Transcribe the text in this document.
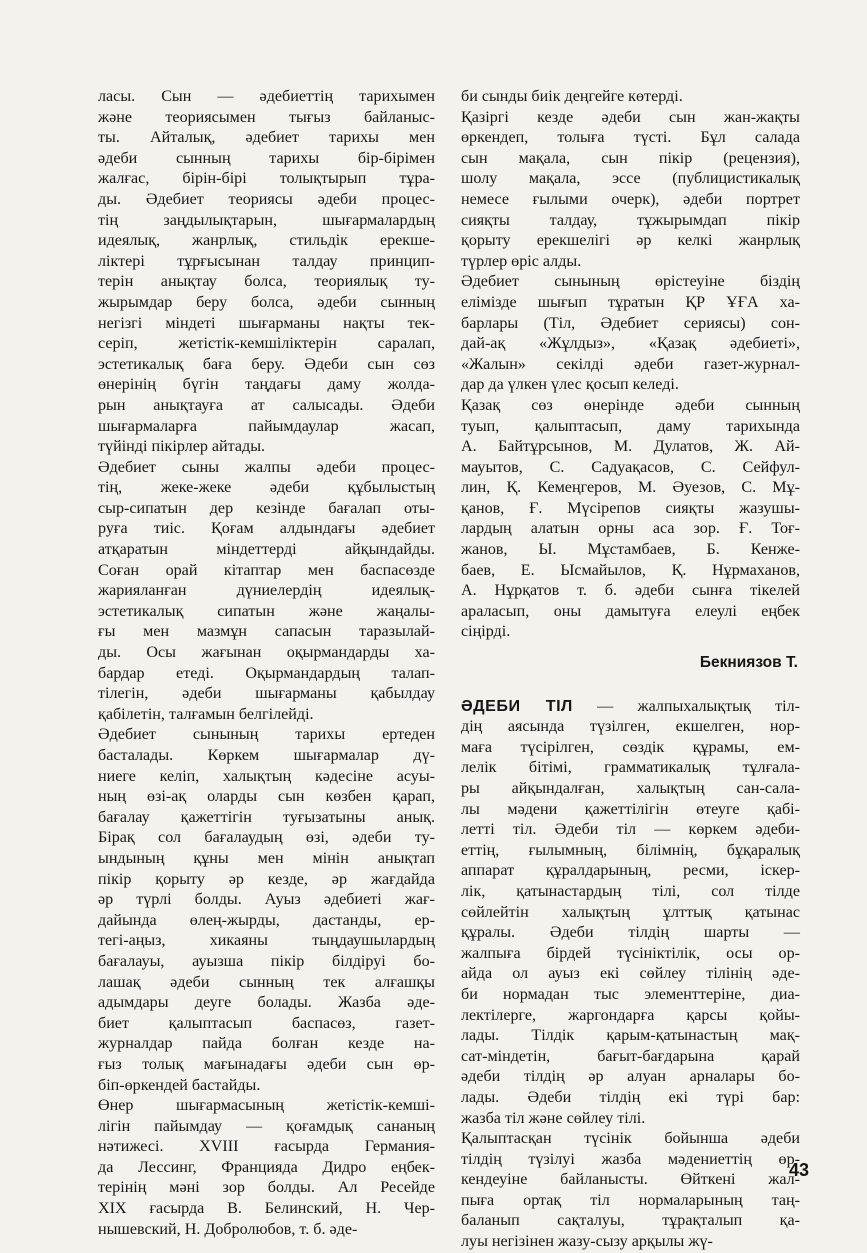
ласы. Сын — әдебиеттің тарихымен
және теориясымен тығыз байланыс-
ты. Айталық, әдебиет тарихы мен
әдеби сынның тарихы бір-бірімен
жалғас, бірін-бірі толықтырып тұра-
ды. Әдебиет теориясы әдеби процес-
тің заңдылықтарын, шығармалардың
идеялық, жанрлық, стильдік ерекше-
ліктері тұрғысынан талдау принцип-
терін анықтау болса, теориялық ту-
жырымдар беру болса, әдеби сынның
негізгі міндеті шығарманы нақты тек-
серіп, жетістік-кемшіліктерін саралап,
эстетикалық баға беру. Әдеби сын сөз
өнерінің бүгін таңдағы даму жолда-
рын анықтауға ат салысады. Әдеби
шығармаларға пайымдаулар жасап,
түйінді пікірлер айтады.

Әдебиет сыны жалпы әдеби процес-
тің, жеке-жеке әдеби құбылыстың
сыр-сипатын дер кезінде бағалап оты-
руға тиіс. Қоғам алдындағы әдебиет
атқаратын міндеттерді айқындайды.
Соған орай кітаптар мен баспасөзде
жарияланған дүниелердің идеялық-
эстетикалық сипатын және жаңалы-
ғы мен мазмұн сапасын таразылай-
ды. Осы жағынан оқырмандарды ха-
бардар етеді. Оқырмандардың талап-
тілегін, әдеби шығарманы қабылдау
қабілетін, талғамын белгілейді.

Әдебиет сынының тарихы ертеден
басталады. Көркем шығармалар дү-
ниеге келіп, халықтың кәдесіне асуы-
ның өзі-ақ оларды сын көзбен қарап,
бағалау қажеттігін туғызатыны анық.
Бірақ сол бағалаудың өзі, әдеби ту-
ындының құны мен мінін анықтап
пікір қорыту әр кезде, әр жағдайда
әр түрлі болды. Ауыз әдебиеті жағ-
дайында өлең-жырды, дастанды, ер-
тегі-аңыз, хикаяны тыңдаушылардың
бағалауы, ауызша пікір білдіруі бо-
лашақ әдеби сынның тек алғашқы
адымдары деуге болады. Жазба әде-
биет қалыптасып баспасөз, газет-
журналдар пайда болған кезде на-
ғыз толық мағынадағы әдеби сын өр-
біп-өркендей бастайды.

Өнер шығармасының жетістік-кемші-
лігін пайымдау — қоғамдық сананың
нәтижесі. XVIII ғасырда Германия-
да Лессинг, Францияда Дидро еңбек-
терінің мәні зор болды. Ал Ресейде
XIX ғасырда В. Белинский, Н. Чер-
нышевский, Н. Добролюбов, т. б. әде-

би сынды биік деңгейге көтерді.

Қазіргі кезде әдеби сын жан-жақты
өркендеп, толыға түсті. Бұл салада
сын мақала, сын пікір (рецензия),
шолу мақала, эссе (публицистикалық
немесе ғылыми очерк), әдеби портрет
сияқты талдау, тұжырымдап пікір
қорыту ерекшелігі әр келкі жанрлық
түрлер өріс алды.

Әдебиет сынының өрістеуіне біздің
елімізде шығып тұратын ҚР ҰҒА ха-
барлары (Тіл, Әдебиет сериясы) сон-
дай-ақ «Жұлдыз», «Қазақ әдебиеті»,
«Жалын» секілді әдеби газет-журнал-
дар да үлкен үлес қосып келеді.

Қазақ сөз өнерінде әдеби сынның
туып, қалыптасып, даму тарихында
А. Байтұрсынов, М. Дулатов, Ж. Ай-
мауытов, С. Садуақасов, С. Сейфул-
лин, Қ. Кемеңгеров, М. Әуезов, С. Мұ-
қанов, Ғ. Мүсірепов сияқты жазушы-
лардың алатын орны аса зор. Ғ. Тоғ-
жанов, Ы. Мұстамбаев, Б. Кенже-
баев, Е. Ысмайылов, Қ. Нұрмаханов,
А. Нұрқатов т. б. әдеби сынға тікелей
араласып, оны дамытуға елеулі еңбек
сіңірді.

Бекниязов Т.

ӘДЕБИ ТІЛ — жалпыхалықтық тіл-
дің аясында түзілген, екшелген, нор-
маға түсірілген, сөздік құрамы, ем-
лелік бітімі, грамматикалық тұлғала-
ры айқындалған, халықтың сан-сала-
лы мәдени қажеттілігін өтеуге қабі-
летті тіл. Әдеби тіл — көркем әдеби-
еттің, ғылымның, білімнің, бұқаралық
аппарат құралдарының, ресми, іскер-
лік, қатынастардың тілі, сол тілде
сөйлейтін халықтың ұлттық қатынас
құралы. Әдеби тілдің шарты —
жалпыға бірдей түсініктілік, осы ор-
айда ол ауыз екі сөйлеу тілінің әде-
би нормадан тыс элементтеріне, диа-
лектілерге, жаргондарға қарсы қойы-
лады. Тілдік қарым-қатынастың мақ-
сат-міндетін, бағыт-бағдарына қарай
әдеби тілдің әр алуан арналары бо-
лады. Әдеби тілдің екі түрі бар:
жазба тіл және сөйлеу тілі.

Қалыптасқан түсінік бойынша әдеби
тілдің түзілуі жазба мәдениеттің өр-
кендеуіне байланысты. Өйткені жал-
пыға ортақ тіл нормаларының таң-
баланып сақталуы, тұрақталып қа-
луы негізінен жазу-сызу арқылы жү-

43
